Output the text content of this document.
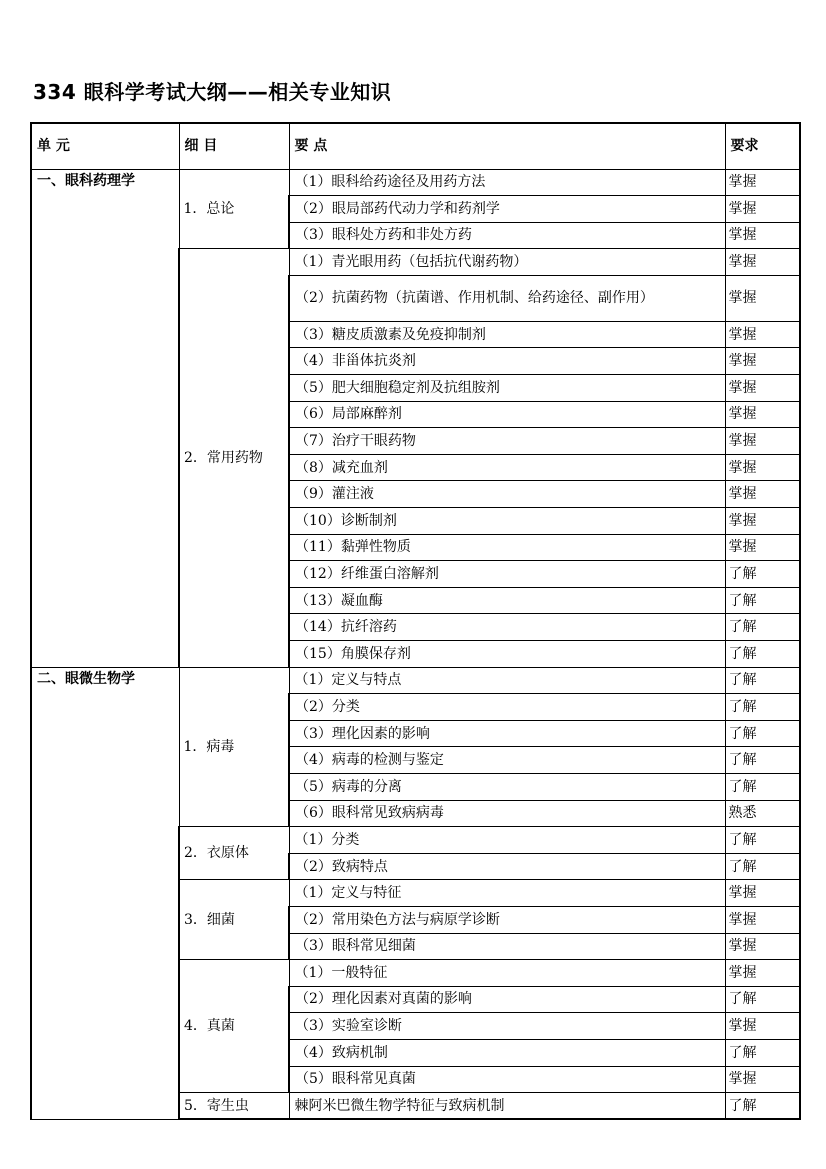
334 眼科学考试大纲——相关专业知识
单 元	细 目	要 点	要求
一、眼科药理学	1．总论	（1）眼科给药途径及用药方法	掌握
		（2）眼局部药代动力学和药剂学	掌握
		（3）眼科处方药和非处方药	掌握
	2．常用药物	（1）青光眼用药（包括抗代谢药物）	掌握
		（2）抗菌药物（抗菌谱、作用机制、给药途径、副作用）	掌握
		（3）糖皮质激素及免疫抑制剂	掌握
		（4）非甾体抗炎剂	掌握
		（5）肥大细胞稳定剂及抗组胺剂	掌握
		（6）局部麻醉剂	掌握
		（7）治疗干眼药物	掌握
		（8）减充血剂	掌握
		（9）灌注液	掌握
		（10）诊断制剂	掌握
		（11）黏弹性物质	掌握
		（12）纤维蛋白溶解剂	了解
		（13）凝血酶	了解
		（14）抗纤溶药	了解
		（15）角膜保存剂	了解
二、眼微生物学	1．病毒	（1）定义与特点	了解
		（2）分类	了解
		（3）理化因素的影响	了解
		（4）病毒的检测与鉴定	了解
		（5）病毒的分离	了解
		（6）眼科常见致病病毒	熟悉
	2．衣原体	（1）分类	了解
		（2）致病特点	了解
	3．细菌	（1）定义与特征	掌握
		（2）常用染色方法与病原学诊断	掌握
		（3）眼科常见细菌	掌握
	4．真菌	（1）一般特征	掌握
		（2）理化因素对真菌的影响	了解
		（3）实验室诊断	掌握
		（4）致病机制	了解
		（5）眼科常见真菌	掌握
	5．寄生虫	棘阿米巴微生物学特征与致病机制	了解
